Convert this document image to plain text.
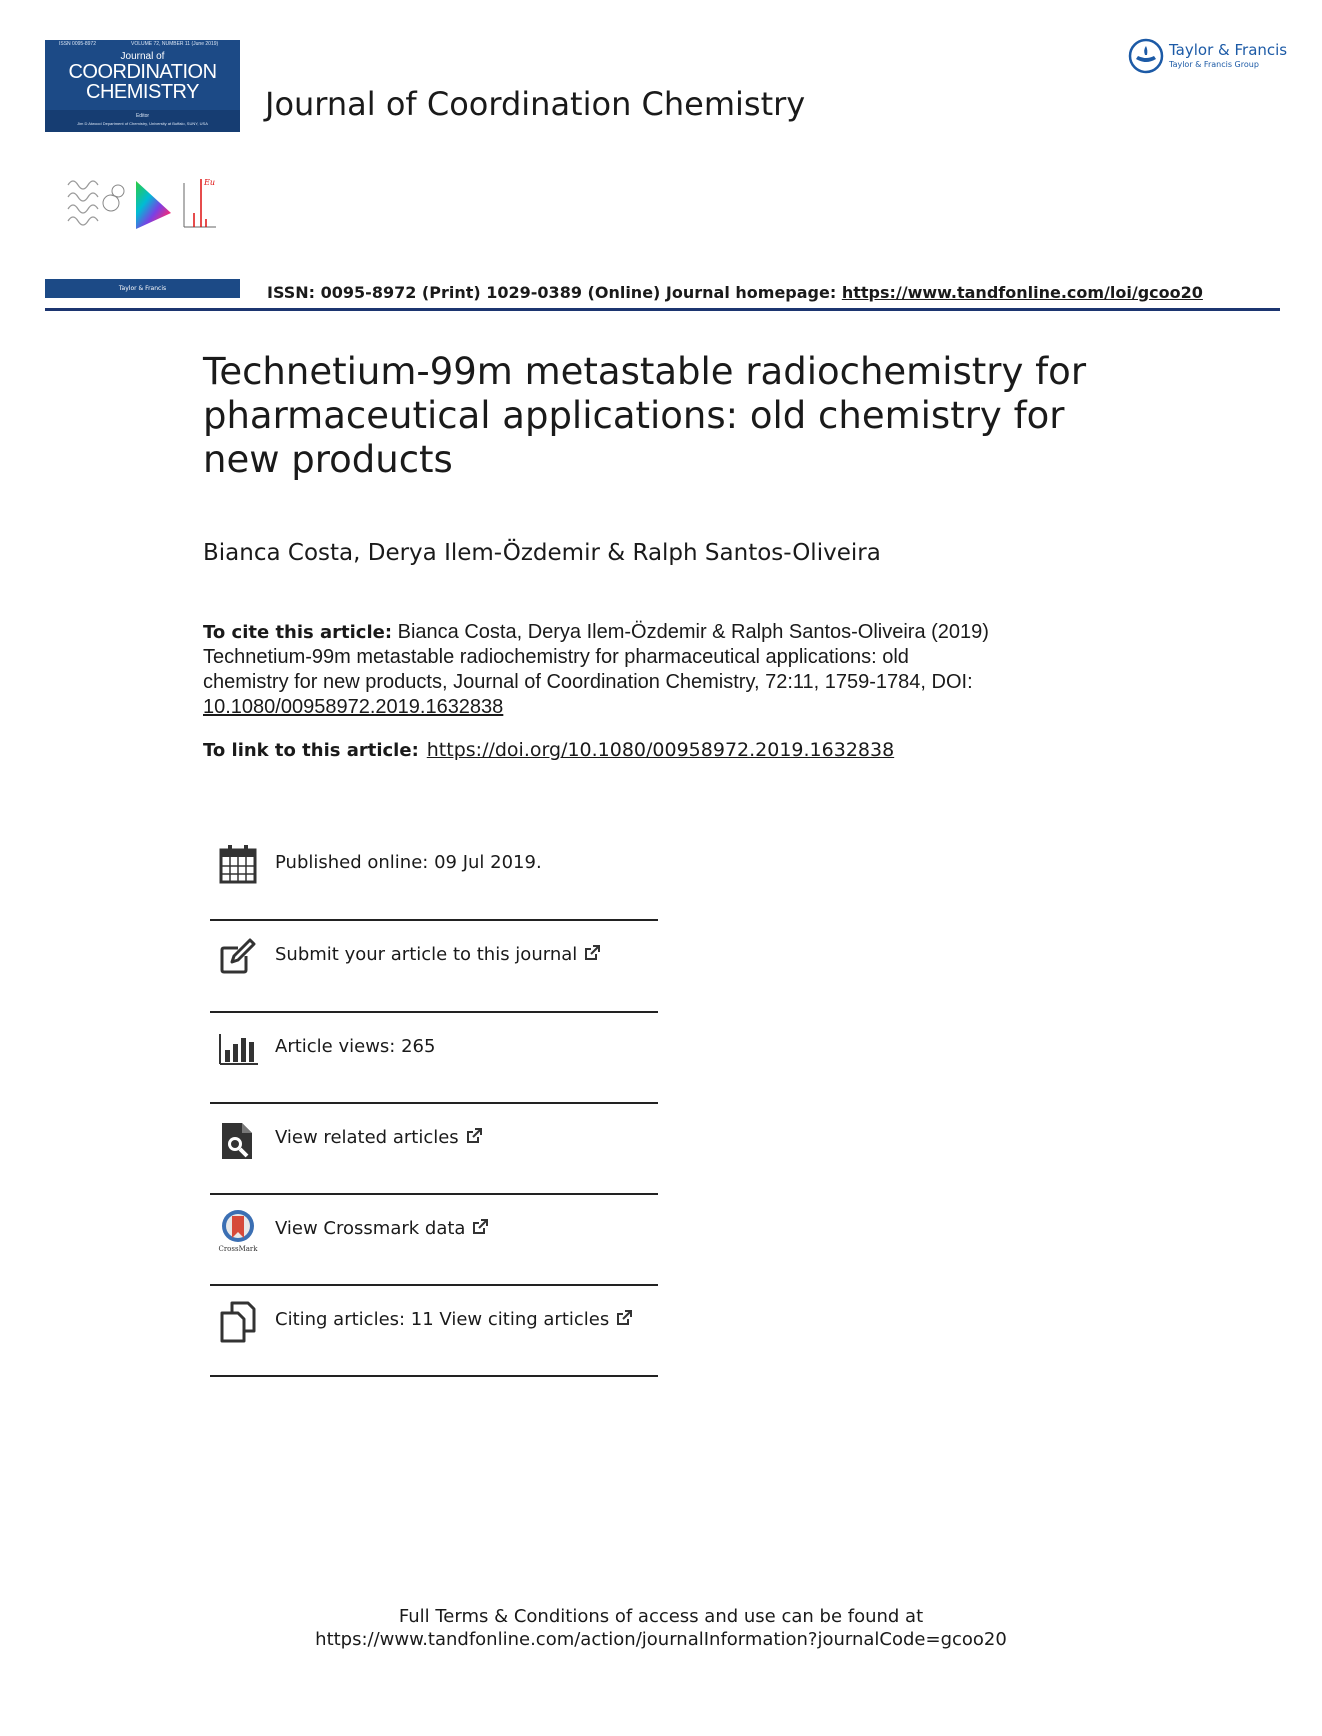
ISSN 0095-8972	VOLUME 72, NUMBER 11 (June 2019)
Journal of
COORDINATION
CHEMISTRY
Editor
Jim D Atwood Department of Chemistry, University at Buffalo, SUNY, USA
Journal of Coordination Chemistry
Taylor & Francis
Taylor & Francis Group
Eu
Taylor & Francis	ISSN: 0095-8972 (Print) 1029-0389 (Online) Journal homepage: https://www.tandfonline.com/loi/gcoo20
Technetium-99m metastable radiochemistry for
pharmaceutical applications: old chemistry for
new products
Bianca Costa, Derya Ilem-Özdemir & Ralph Santos-Oliveira
To cite this article: Bianca Costa, Derya Ilem-Özdemir & Ralph Santos-Oliveira (2019)
Technetium-99m metastable radiochemistry for pharmaceutical applications: old
chemistry for new products, Journal of Coordination Chemistry, 72:11, 1759-1784, DOI:
10.1080/00958972.2019.1632838
To link to this article: https://doi.org/10.1080/00958972.2019.1632838
Published online: 09 Jul 2019.
Submit your article to this journal
Article views: 265
View related articles
CrossMark
View Crossmark data
Citing articles: 11 View citing articles
Full Terms & Conditions of access and use can be found at
https://www.tandfonline.com/action/journalInformation?journalCode=gcoo20
